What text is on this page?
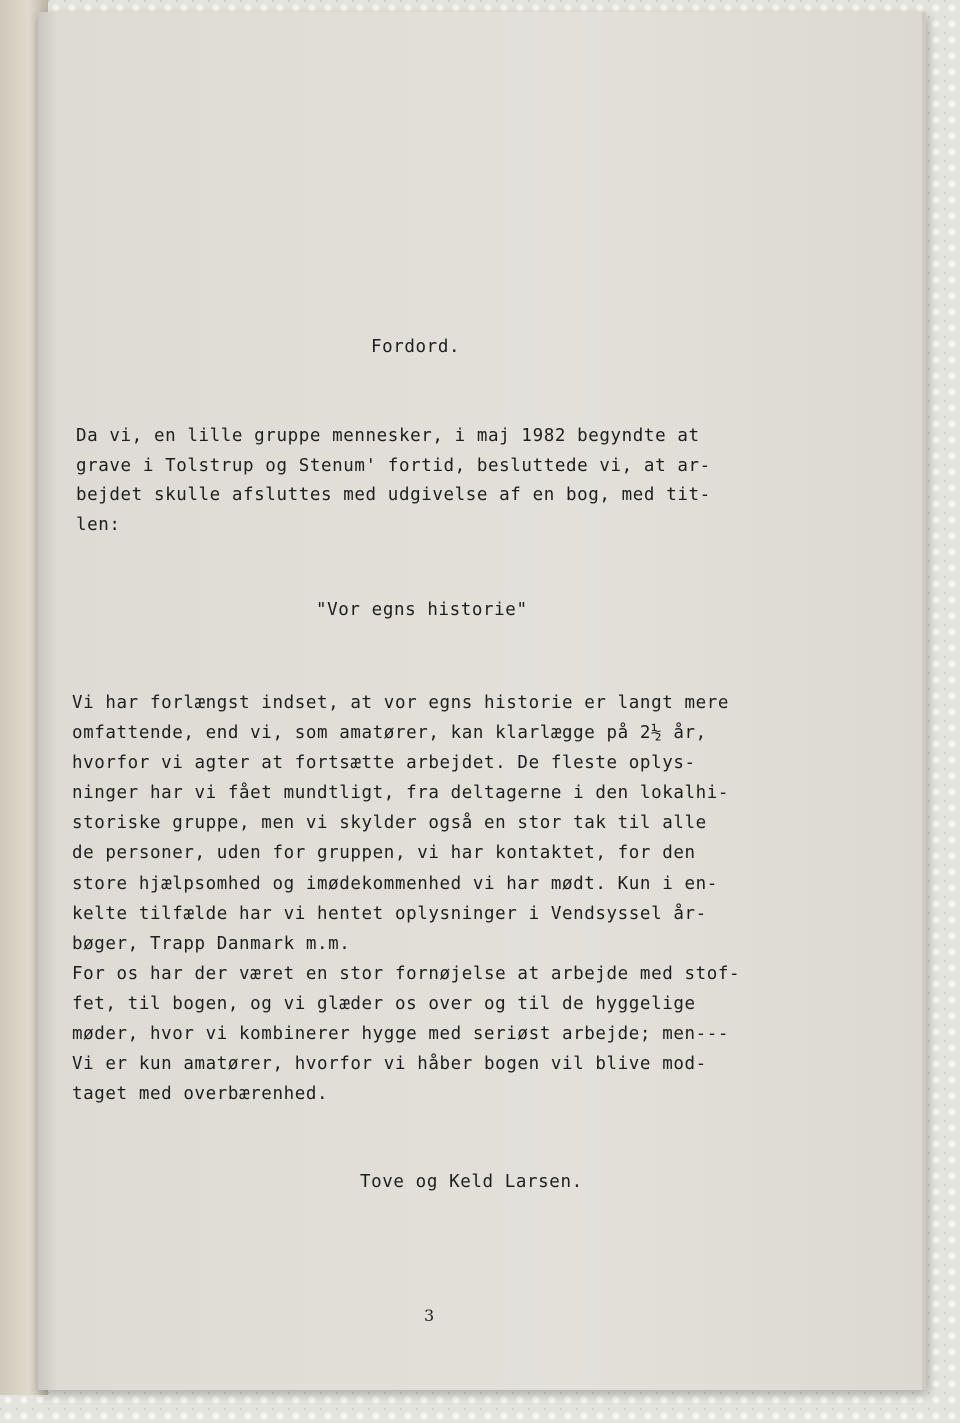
Fordord.

Da vi, en lille gruppe mennesker, i maj 1982 begyndte at
grave i Tolstrup og Stenum' fortid, besluttede vi, at ar-
bejdet skulle afsluttes med udgivelse af en bog, med tit-
len:

"Vor egns historie"

Vi har forlængst indset, at vor egns historie er langt mere
omfattende, end vi, som amatører, kan klarlægge på 2½ år,
hvorfor vi agter at fortsætte arbejdet. De fleste oplys-
ninger har vi fået mundtligt, fra deltagerne i den lokalhi-
storiske gruppe, men vi skylder også en stor tak til alle
de personer, uden for gruppen, vi har kontaktet, for den
store hjælpsomhed og imødekommenhed vi har mødt. Kun i en-
kelte tilfælde har vi hentet oplysninger i Vendsyssel år-
bøger, Trapp Danmark m.m.
For os har der været en stor fornøjelse at arbejde med stof-
fet, til bogen, og vi glæder os over og til de hyggelige
møder, hvor vi kombinerer hygge med seriøst arbejde; men---
Vi er kun amatører, hvorfor vi håber bogen vil blive mod-
taget med overbærenhed.

Tove og Keld Larsen.

3
